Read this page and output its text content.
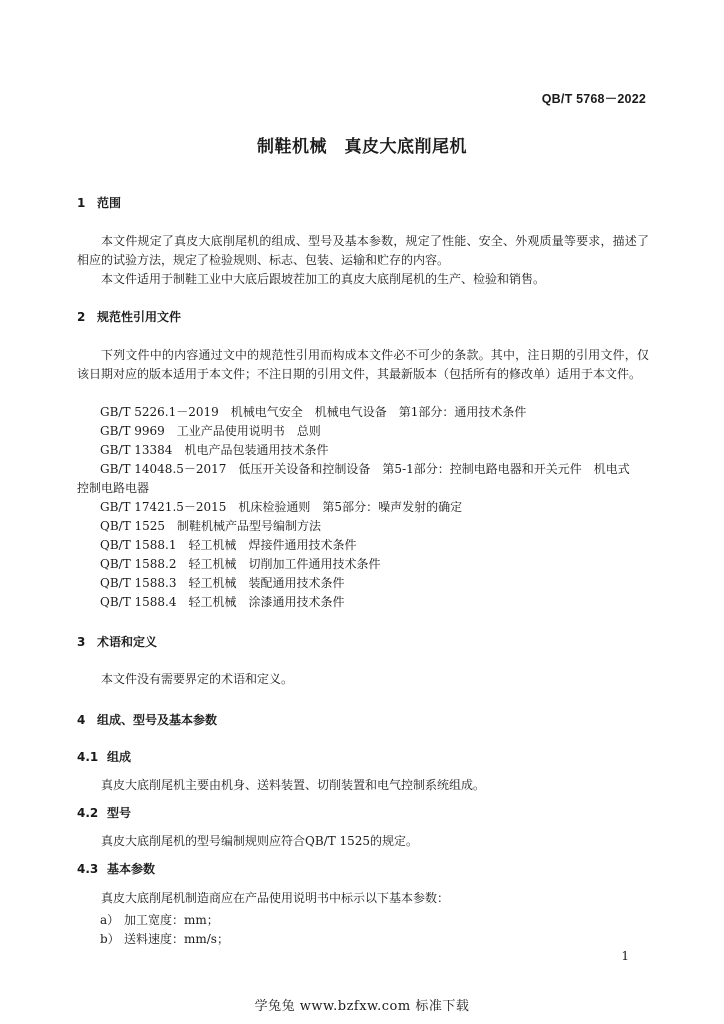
QB/T 5768－2022
制鞋机械　真皮大底削尾机
1 范围
本文件规定了真皮大底削尾机的组成、型号及基本参数，规定了性能、安全、外观质量等要求，描述了相应的试验方法，规定了检验规则、标志、包装、运输和贮存的内容。
本文件适用于制鞋工业中大底后跟坡茬加工的真皮大底削尾机的生产、检验和销售。
2 规范性引用文件
下列文件中的内容通过文中的规范性引用而构成本文件必不可少的条款。其中，注日期的引用文件，仅该日期对应的版本适用于本文件；不注日期的引用文件，其最新版本（包括所有的修改单）适用于本文件。
GB/T 5226.1－2019　机械电气安全　机械电气设备　第1部分：通用技术条件
GB/T 9969　工业产品使用说明书　总则
GB/T 13384　机电产品包装通用技术条件
GB/T 14048.5－2017　低压开关设备和控制设备　第5-1部分：控制电路电器和开关元件　机电式
控制电路电器
GB/T 17421.5－2015　机床检验通则　第5部分：噪声发射的确定
QB/T 1525　制鞋机械产品型号编制方法
QB/T 1588.1　轻工机械　焊接件通用技术条件
QB/T 1588.2　轻工机械　切削加工件通用技术条件
QB/T 1588.3　轻工机械　装配通用技术条件
QB/T 1588.4　轻工机械　涂漆通用技术条件
3 术语和定义
本文件没有需要界定的术语和定义。
4 组成、型号及基本参数
4.1 组成
真皮大底削尾机主要由机身、送料装置、切削装置和电气控制系统组成。
4.2 型号
真皮大底削尾机的型号编制规则应符合QB/T 1525的规定。
4.3 基本参数
真皮大底削尾机制造商应在产品使用说明书中标示以下基本参数：
a） 加工宽度：mm；
b） 送料速度：mm/s；
1
学兔兔 www.bzfxw.com 标准下载
